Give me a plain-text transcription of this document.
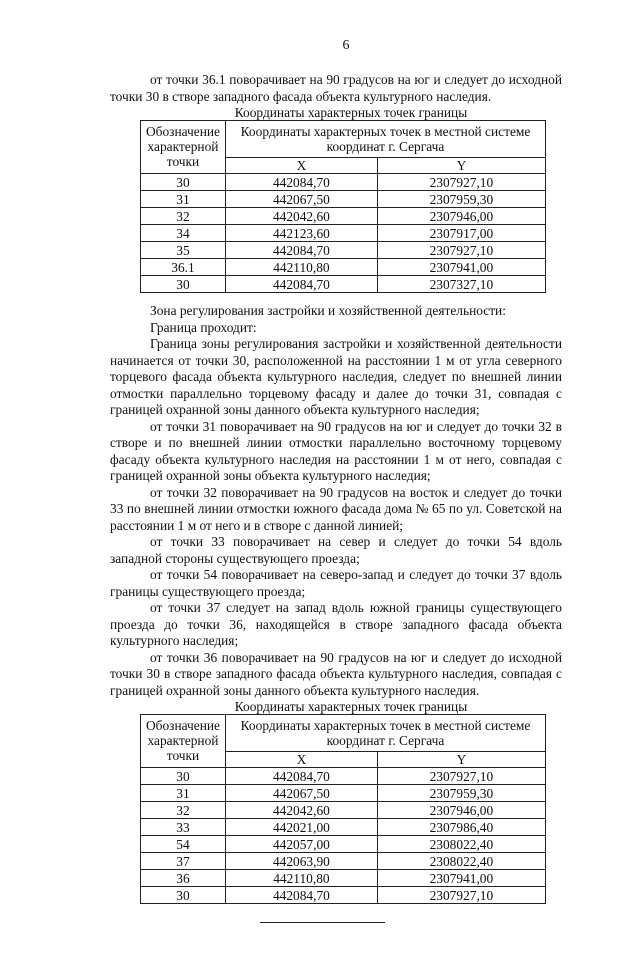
6

от точки 36.1 поворачивает на 90 градусов на юг и следует до исходной точки 30 в створе западного фасада объекта культурного наследия.

Координаты характерных точек границы
Обозначение характерной точки	Координаты характерных точек в местной системе координат г. Сергача	
	X	Y
30	442084,70	2307927,10
31	442067,50	2307959,30
32	442042,60	2307946,00
34	442123,60	2307917,00
35	442084,70	2307927,10
36.1	442110,80	2307941,00
30	442084,70	2307327,10

Зона регулирования застройки и хозяйственной деятельности:

Граница проходит:

Граница зоны регулирования застройки и хозяйственной деятельности начинается от точки 30, расположенной на расстоянии 1 м от угла северного торцевого фасада объекта культурного наследия, следует по внешней линии отмостки параллельно торцевому фасаду и далее до точки 31, совпадая с границей охранной зоны данного объекта культурного наследия;

от точки 31 поворачивает на 90 градусов на юг и следует до точки 32 в створе и по внешней линии отмостки параллельно восточному торцевому фасаду объекта культурного наследия на расстоянии 1 м от него, совпадая с границей охранной зоны объекта культурного наследия;

от точки 32 поворачивает на 90 градусов на восток и следует до точки 33 по внешней линии отмостки южного фасада дома № 65 по ул. Советской на расстоянии 1 м от него и в створе с данной линией;

от точки 33 поворачивает на север и следует до точки 54 вдоль западной стороны существующего проезда;

от точки 54 поворачивает на северо-запад и следует до точки 37 вдоль границы существующего проезда;

от точки 37 следует на запад вдоль южной границы существующего проезда до точки 36, находящейся в створе западного фасада объекта культурного наследия;

от точки 36 поворачивает на 90 градусов на юг и следует до исходной точки 30 в створе западного фасада объекта культурного наследия, совпадая с границей охранной зоны данного объекта культурного наследия.

Координаты характерных точек границы
Обозначение характерной точки	Координаты характерных точек в местной системе координат г. Сергача	
	X	Y
30	442084,70	2307927,10
31	442067,50	2307959,30
32	442042,60	2307946,00
33	442021,00	2307986,40
54	442057,00	2308022,40
37	442063,90	2308022,40
36	442110,80	2307941,00
30	442084,70	2307927,10
